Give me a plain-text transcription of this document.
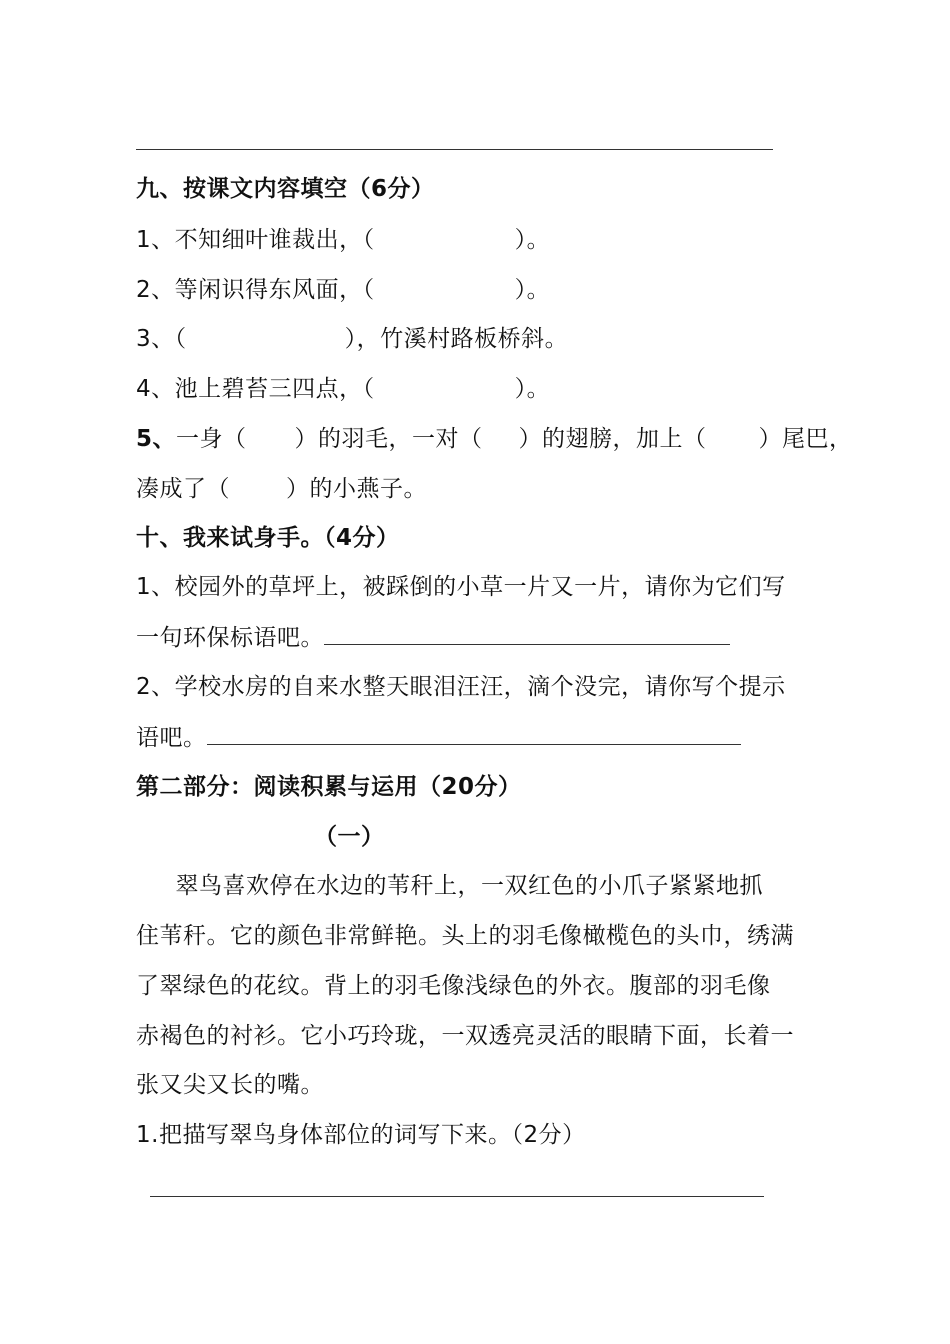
九、按课文内容填空（6分）
1、不知细叶谁裁出，（	）。
2、等闲识得东风面，（	）。
3、（	），竹溪村路板桥斜。
4、池上碧苔三四点，（	）。
5、一身（ ）的羽毛，一对（ ）的翅膀，加上（ ）尾巴，
凑成了（ ）的小燕子。
十、我来试身手。（4分）
1、校园外的草坪上，被踩倒的小草一片又一片，请你为它们写
一句环保标语吧。
2、学校水房的自来水整天眼泪汪汪，滴个没完，请你写个提示
语吧。
第二部分：阅读积累与运用（20分）
（一）
　翠鸟喜欢停在水边的苇秆上，一双红色的小爪子紧紧地抓
住苇秆。它的颜色非常鲜艳。头上的羽毛像橄榄色的头巾，绣满
了翠绿色的花纹。背上的羽毛像浅绿色的外衣。腹部的羽毛像
赤褐色的衬衫。它小巧玲珑，一双透亮灵活的眼睛下面，长着一
张又尖又长的嘴。
1.把描写翠鸟身体部位的词写下来。（2分）
